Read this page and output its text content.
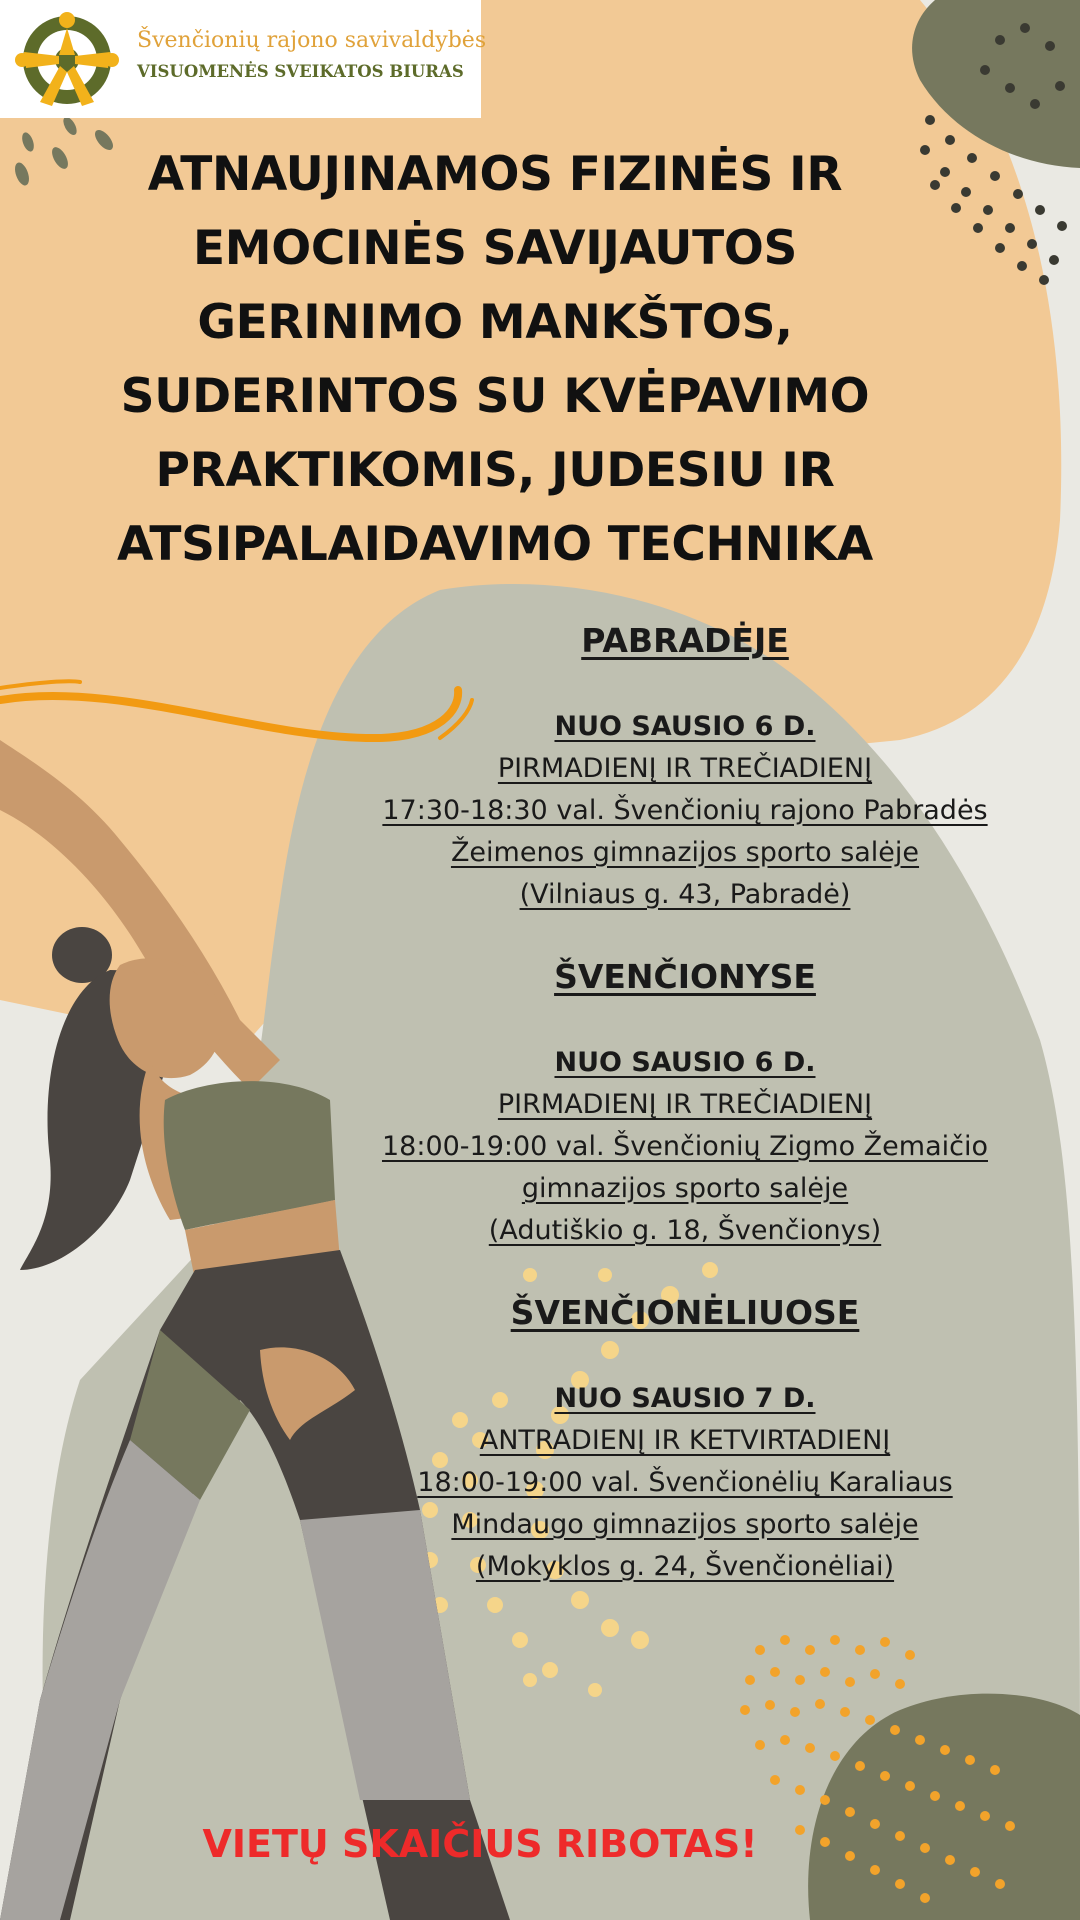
Švenčionių rajono savivaldybės
VISUOMENĖS SVEIKATOS BIURAS
ATNAUJINAMOS FIZINĖS IR
EMOCINĖS SAVIJAUTOS
GERINIMO MANKŠTOS,
SUDERINTOS SU KVĖPAVIMO
PRAKTIKOMIS, JUDESIU IR
ATSIPALAIDAVIMO TECHNIKA
PABRADĖJE
NUO SAUSIO 6 D.
PIRMADIENĮ IR TREČIADIENĮ
17:30-18:30 val. Švenčionių rajono Pabradės
Žeimenos gimnazijos sporto salėje
(Vilniaus g. 43, Pabradė)
ŠVENČIONYSE
NUO SAUSIO 6 D.
PIRMADIENĮ IR TREČIADIENĮ
18:00-19:00 val. Švenčionių Zigmo Žemaičio
gimnazijos sporto salėje
(Adutiškio g. 18, Švenčionys)
ŠVENČIONĖLIUOSE
NUO SAUSIO 7 D.
ANTRADIENĮ IR KETVIRTADIENĮ
18:00-19:00 val. Švenčionėlių Karaliaus
Mindaugo gimnazijos sporto salėje
(Mokyklos g. 24, Švenčionėliai)
VIETŲ SKAIČIUS RIBOTAS!
